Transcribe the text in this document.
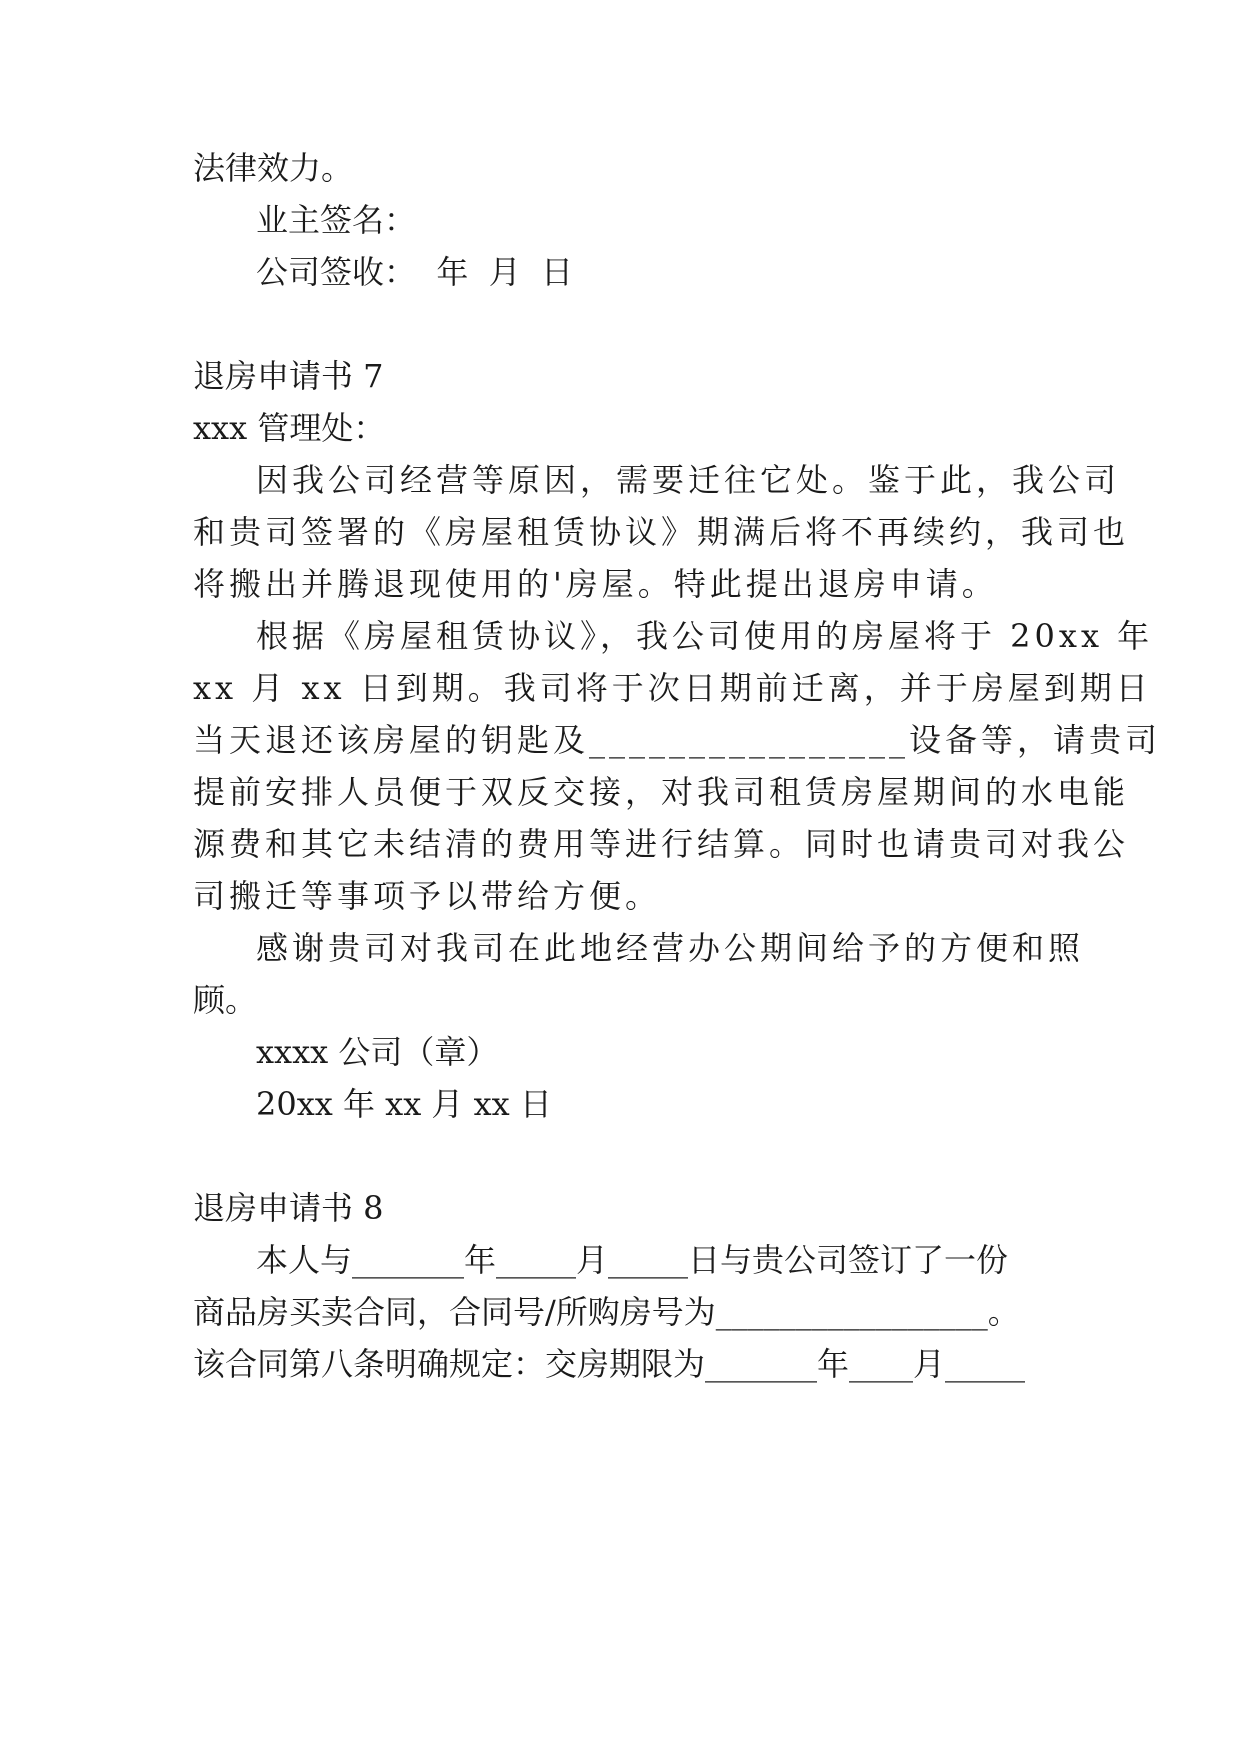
法律效力。
业主签名：
公司签收：  年  月  日
退房申请书 7
xxx 管理处：
因我公司经营等原因，需要迁往它处。鉴于此，我公司
和贵司签署的《房屋租赁协议》期满后将不再续约，我司也
将搬出并腾退现使用的'房屋。特此提出退房申请。
根据《房屋租赁协议》，我公司使用的房屋将于 20xx 年
xx 月 xx 日到期。我司将于次日期前迁离，并于房屋到期日
当天退还该房屋的钥匙及________________设备等，请贵司
提前安排人员便于双反交接，对我司租赁房屋期间的水电能
源费和其它未结清的费用等进行结算。同时也请贵司对我公
司搬迁等事项予以带给方便。
感谢贵司对我司在此地经营办公期间给予的方便和照
顾。
xxxx 公司（章）
20xx 年 xx 月 xx 日
退房申请书 8
本人与_______年_____月_____日与贵公司签订了一份
商品房买卖合同，合同号/所购房号为_________________。
该合同第八条明确规定：交房期限为_______年____月_____
